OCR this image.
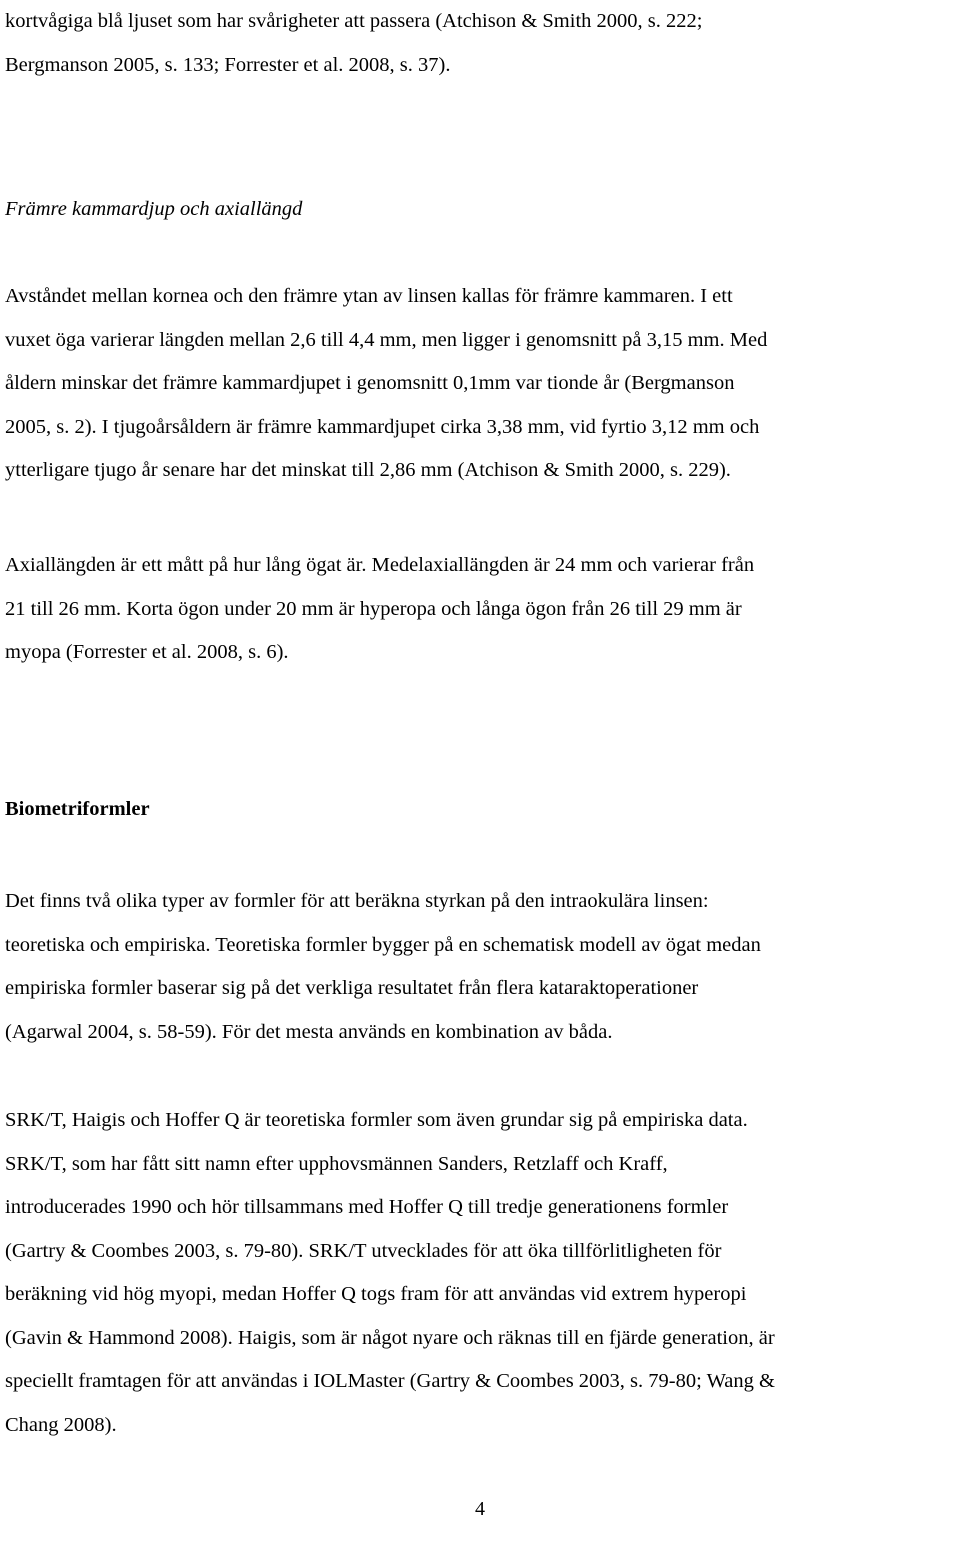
kortvågiga blå ljuset som har svårigheter att passera (Atchison & Smith 2000, s. 222;
Bergmanson 2005, s. 133; Forrester et al. 2008, s. 37).
Främre kammardjup och axiallängd
Avståndet mellan kornea och den främre ytan av linsen kallas för främre kammaren. I ett
vuxet öga varierar längden mellan 2,6 till 4,4 mm, men ligger i genomsnitt på 3,15 mm. Med
åldern minskar det främre kammardjupet i genomsnitt 0,1mm var tionde år (Bergmanson
2005, s. 2). I tjugoårsåldern är främre kammardjupet cirka 3,38 mm, vid fyrtio 3,12 mm och
ytterligare tjugo år senare har det minskat till 2,86 mm (Atchison & Smith 2000, s. 229).
Axiallängden är ett mått på hur lång ögat är. Medelaxiallängden är 24 mm och varierar från
21 till 26 mm. Korta ögon under 20 mm är hyperopa och långa ögon från 26 till 29 mm är
myopa (Forrester et al. 2008, s. 6).
Biometriformler
Det finns två olika typer av formler för att beräkna styrkan på den intraokulära linsen:
teoretiska och empiriska. Teoretiska formler bygger på en schematisk modell av ögat medan
empiriska formler baserar sig på det verkliga resultatet från flera kataraktoperationer
(Agarwal 2004, s. 58-59). För det mesta används en kombination av båda.
SRK/T, Haigis och Hoffer Q är teoretiska formler som även grundar sig på empiriska data.
SRK/T, som har fått sitt namn efter upphovsmännen Sanders, Retzlaff och Kraff,
introducerades 1990 och hör tillsammans med Hoffer Q till tredje generationens formler
(Gartry & Coombes 2003, s. 79-80). SRK/T utvecklades för att öka tillförlitligheten för
beräkning vid hög myopi, medan Hoffer Q togs fram för att användas vid extrem hyperopi
(Gavin & Hammond 2008). Haigis, som är något nyare och räknas till en fjärde generation, är
speciellt framtagen för att användas i IOLMaster (Gartry & Coombes 2003, s. 79-80; Wang &
Chang 2008).
4
